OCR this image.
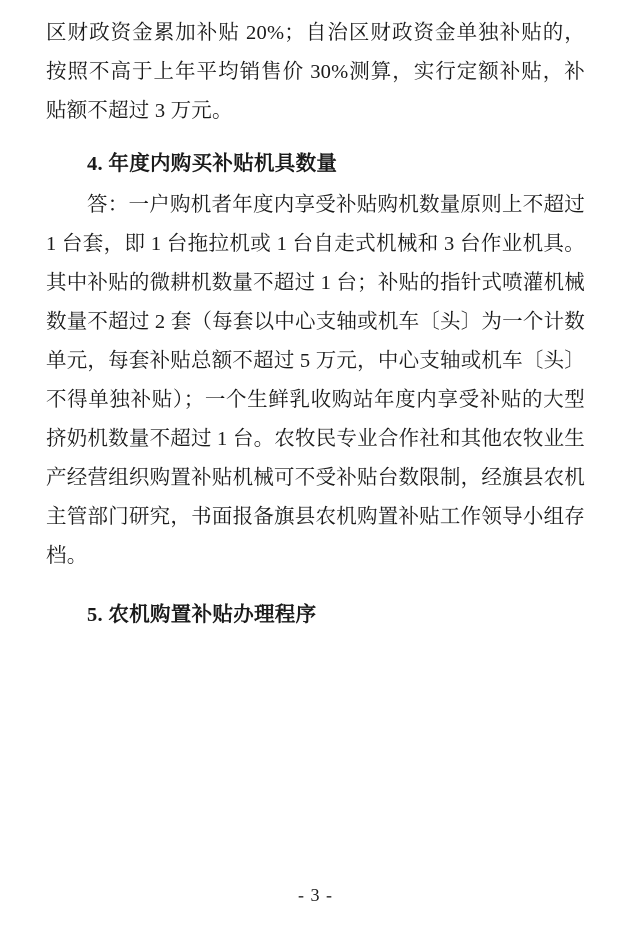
区财政资金累加补贴 20%；自治区财政资金单独补贴的，按照不高于上年平均销售价 30%测算，实行定额补贴，补贴额不超过 3 万元。

4. 年度内购买补贴机具数量

答：一户购机者年度内享受补贴购机数量原则上不超过 1 台套，即 1 台拖拉机或 1 台自走式机械和 3 台作业机具。其中补贴的微耕机数量不超过 1 台；补贴的指针式喷灌机械数量不超过 2 套（每套以中心支轴或机车〔头〕为一个计数单元，每套补贴总额不超过 5 万元，中心支轴或机车〔头〕不得单独补贴）；一个生鲜乳收购站年度内享受补贴的大型挤奶机数量不超过 1 台。农牧民专业合作社和其他农牧业生产经营组织购置补贴机械可不受补贴台数限制，经旗县农机主管部门研究，书面报备旗县农机购置补贴工作领导小组存档。

5. 农机购置补贴办理程序
- 3 -
